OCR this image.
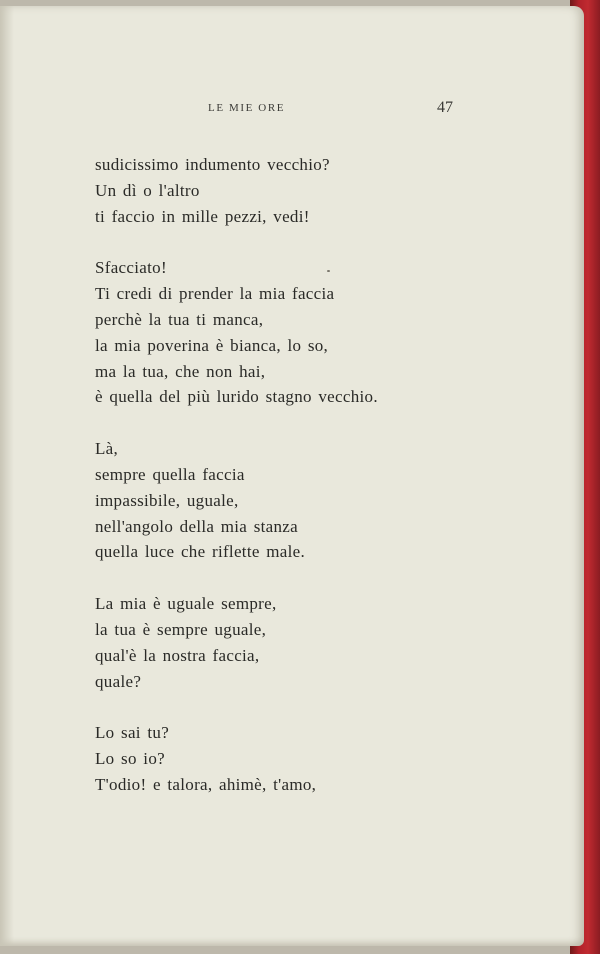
LE MIE ORE	47
sudicissimo indumento vecchio?
Un dì o l'altro
ti faccio in mille pezzi, vedi!
Sfacciato!
Ti credi di prender la mia faccia
perchè la tua ti manca,
la mia poverina è bianca, lo so,
ma la tua, che non hai,
è quella del più lurido stagno vecchio.
Là,
sempre quella faccia
impassibile, uguale,
nell'angolo della mia stanza
quella luce che riflette male.
La mia è uguale sempre,
la tua è sempre uguale,
qual'è la nostra faccia,
quale?
Lo sai tu?
Lo so io?
T'odio! e talora, ahimè, t'amo,
